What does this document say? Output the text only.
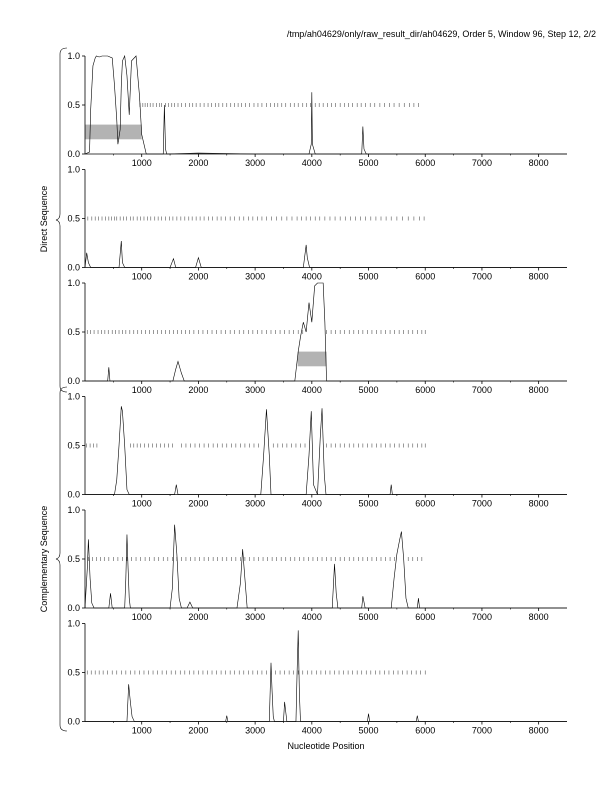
/tmp/ah04629/only/raw_result_dir/ah04629, Order 5, Window 96, Step 12, 2/2
0.0
0.5
1.0
1000	2000	3000	4000	5000	6000	7000	8000
0.0
0.5
1.0
1000	2000	3000	4000	5000	6000	7000	8000
0.0
0.5
1.0
1000	2000	3000	4000	5000	6000	7000	8000
0.0
0.5
1.0
1000	2000	3000	4000	5000	6000	7000	8000
0.0
0.5
1.0
1000	2000	3000	4000	5000	6000	7000	8000
0.0
0.5
1.0
1000	2000	3000	4000	5000	6000	7000	8000
Direct Sequence
Complementary Sequence
Nucleotide Position
